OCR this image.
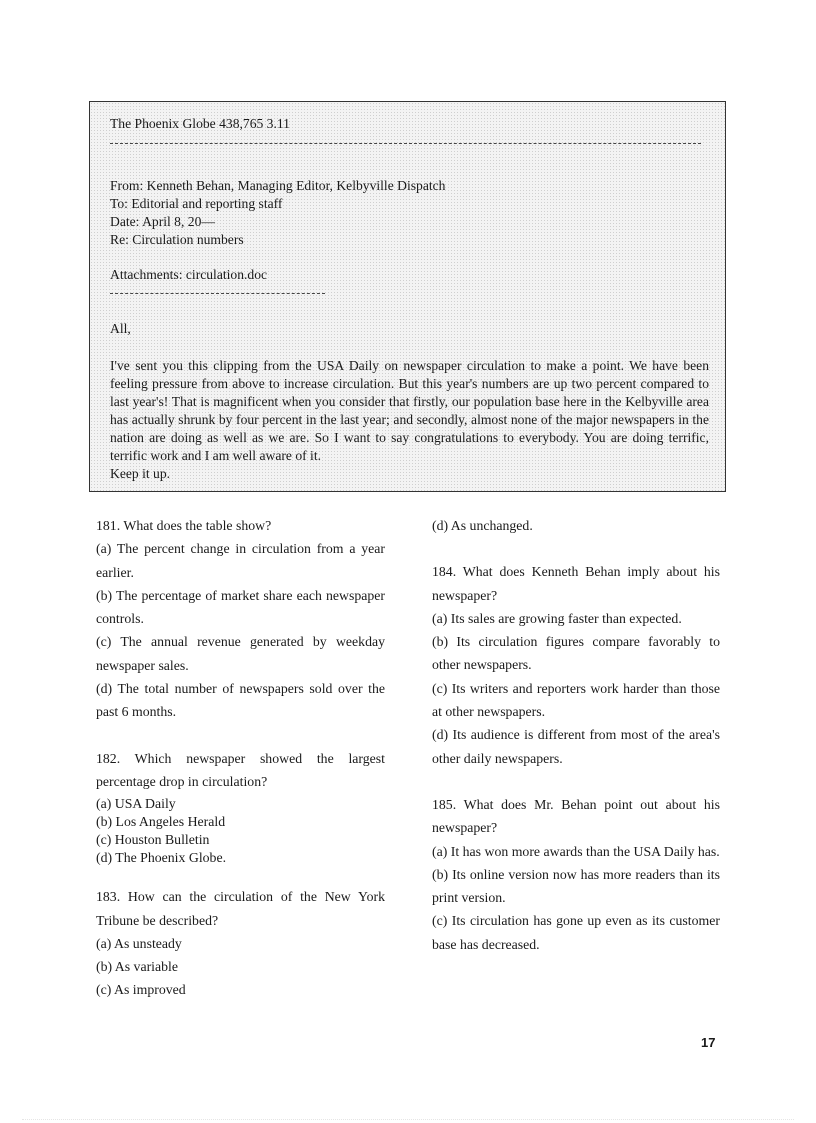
The Phoenix Globe 438,765 3.11
From: Kenneth Behan, Managing Editor, Kelbyville Dispatch
To: Editorial and reporting staff
Date: April 8, 20—
Re: Circulation numbers
Attachments: circulation.doc
All,

I've sent you this clipping from the USA Daily on newspaper circulation to make a point. We have been feeling pressure from above to increase circulation. But this year's numbers are up two percent compared to last year's! That is magnificent when you consider that firstly, our population base here in the Kelbyville area has actually shrunk by four percent in the last year; and secondly, almost none of the major newspapers in the nation are doing as well as we are. So I want to say congratulations to everybody. You are doing terrific, terrific work and I am well aware of it.
Keep it up.

181. What does the table show?
(a) The percent change in circulation from a year earlier.
(b) The percentage of market share each newspaper controls.
(c) The annual revenue generated by weekday newspaper sales.
(d) The total number of newspapers sold over the past 6 months.
182. Which newspaper showed the largest percentage drop in circulation?
(a) USA Daily
(b) Los Angeles Herald
(c) Houston Bulletin
(d) The Phoenix Globe.
183. How can the circulation of the New York Tribune be described?
(a) As unsteady
(b) As variable
(c) As improved
(d) As unchanged.
184. What does Kenneth Behan imply about his newspaper?
(a) Its sales are growing faster than expected.
(b) Its circulation figures compare favorably to other newspapers.
(c) Its writers and reporters work harder than those at other newspapers.
(d) Its audience is different from most of the area's other daily newspapers.
185. What does Mr. Behan point out about his newspaper?
(a) It has won more awards than the USA Daily has.
(b) Its online version now has more readers than its print version.
(c) Its circulation has gone up even as its customer base has decreased.
17
